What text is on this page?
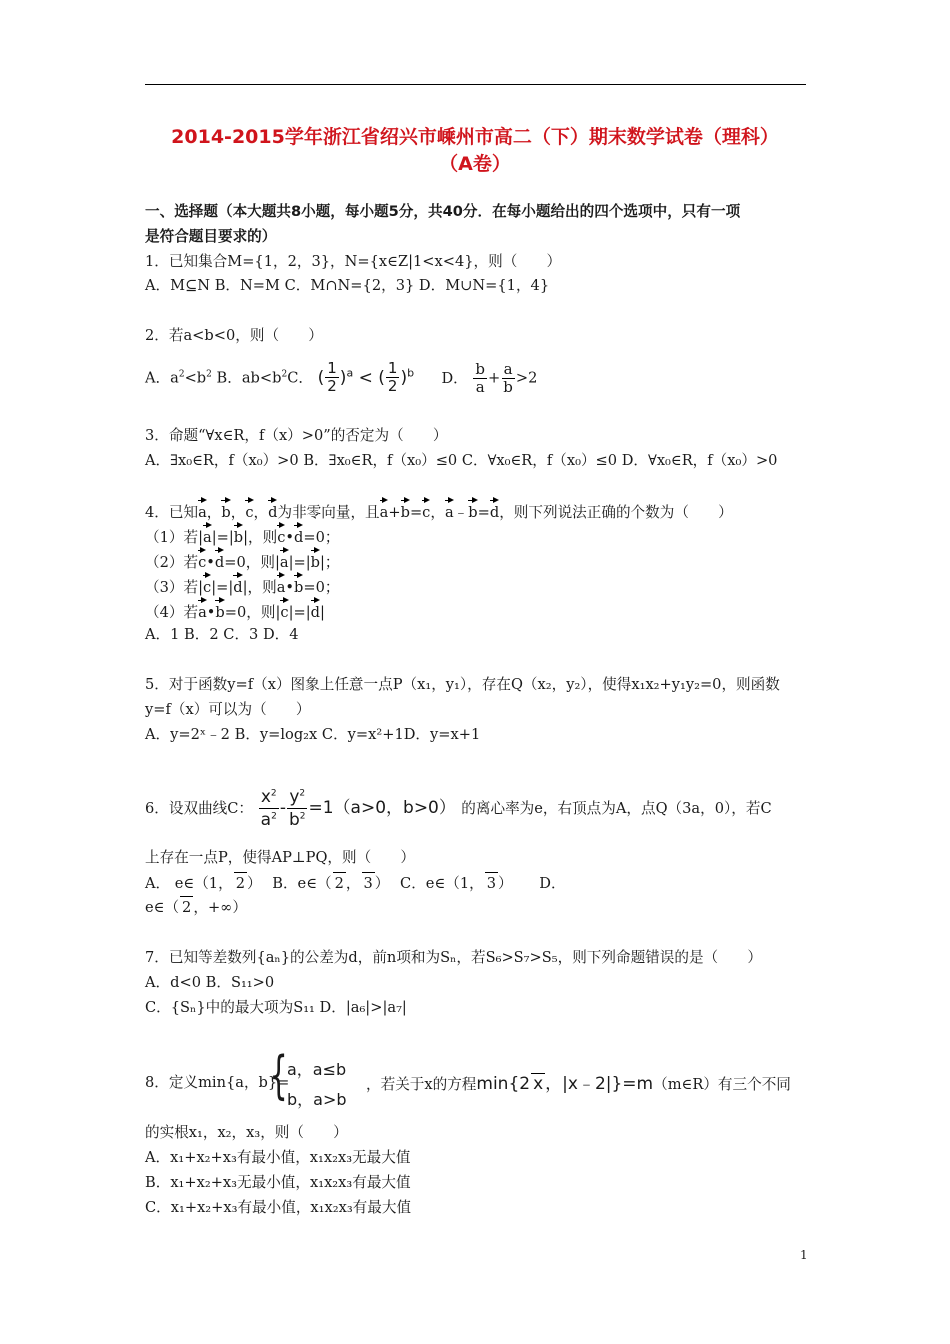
2014-2015学年浙江省绍兴市嵊州市高二（下）期末数学试卷（理科）
（A卷）
一、选择题（本大题共8小题，每小题5分，共40分．在每小题给出的四个选项中，只有一项
是符合题目要求的）
1．已知集合M={1，2，3}，N={x∈Z|1<x<4}，则（　　）
A．M⊆N B．N=M C．M∩N={2，3} D．M∪N={1，4}
2．若a<b<0，则（　　）
A．$a^2<b^2$ B．$ab<b^2C$． ( $\frac{1}{2} )^a$ < ( $\frac{1}{2} )^b$ D． $\frac{b}{a} + \frac{a}{b} >2$
3．命题“∀x∈R，f（x）>0”的否定为（　　）
A．∃x₀∈R，f（x₀）>0 B．∃x₀∈R，f（x₀）≤0 C．∀x₀∈R，f（x₀）≤0 D．∀x₀∈R，f（x₀）>0
4．已知a，b，c，d为非零向量，且a+b=c，a﹣b=d，则下列说法正确的个数为（　　）
（1）若|a|=|b|，则c•d=0；
（2）若c•d=0，则|a|=|b|；
（3）若|c|=|d|，则a•b=0；
（4）若a•b=0，则|c|=|d|
A．1 B．2 C．3 D．4
5．对于函数y=f（x）图象上任意一点P（x₁，y₁），存在Q（x₂，y₂），使得x₁x₂+y₁y₂=0，则函数
y=f（x）可以为（　　）
A．y=2ˣ﹣2 B．y=log₂x C．y=x²+1D．y=x+1
6．设双曲线C： $\frac{x^2}{a^2} - \frac{y^2}{b^2} =1(a>0$，b>0） 的离心率为e，右顶点为A，点Q（3a，0），若C
上存在一点P，使得AP⊥PQ，则（　　）
A． e∈（1， 2 ） B．e∈（ 2 ， 3 ） C．e∈（1， 3 ） D．
e∈（ 2 ，+∞）
7．已知等差数列{aₙ}的公差为d，前n项和为Sₙ，若S₆>S₇>S₅，则下列命题错误的是（　　）
A．d<0 B．S₁₁>0
C．{Sₙ}中的最大项为S₁₁ D．|a₆|>|a₇|
8．定义min{a，b}=
{ a，a≤b
b，a>b
，若关于x的方程min{2 x ，|x﹣2|}=m（m∈R）有三个不同
的实根x₁，x₂，x₃，则（　　）
A．x₁+x₂+x₃有最小值，x₁x₂x₃无最大值
B．x₁+x₂+x₃无最小值，x₁x₂x₃有最大值
C．x₁+x₂+x₃有最小值，x₁x₂x₃有最大值
1
